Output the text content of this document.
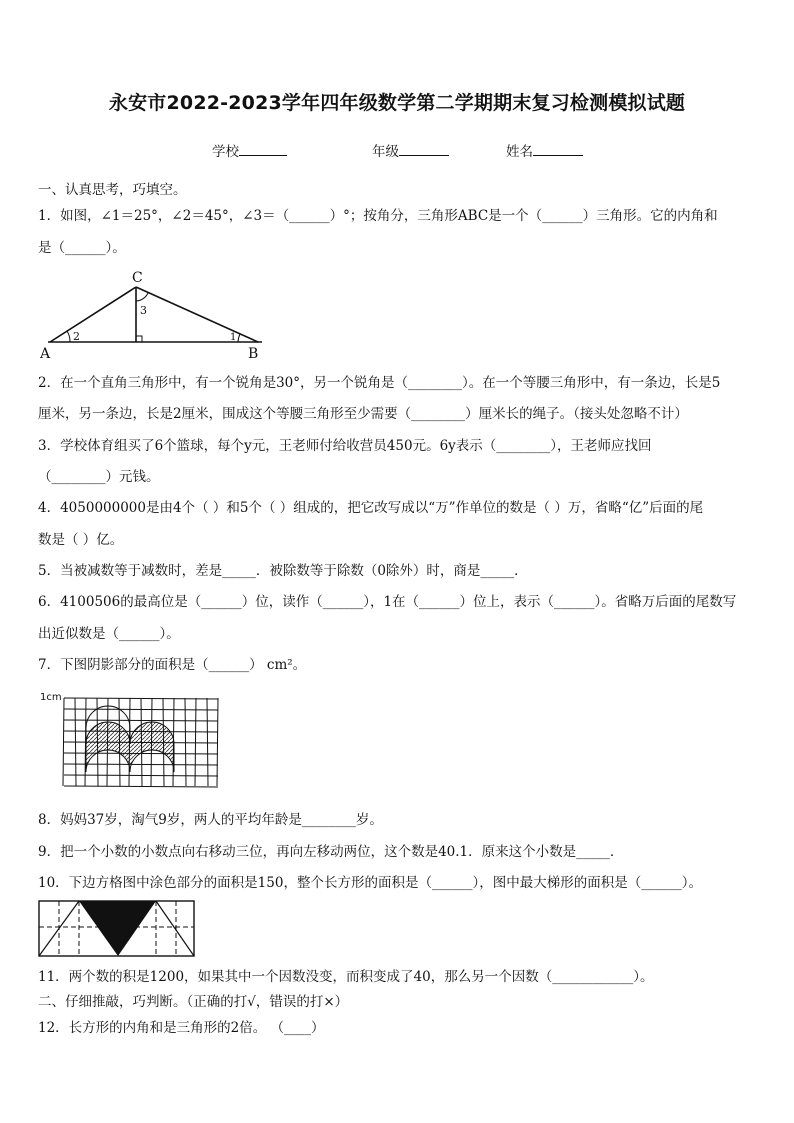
永安市2022-2023学年四年级数学第二学期期末复习检测模拟试题
学校	年级	姓名
一、认真思考，巧填空。
1．如图，∠1＝25°，∠2＝45°，∠3＝（______）°；按角分，三角形ABC是一个（______）三角形。它的内角和
是（______）。
C
A	B
3
2	1
2．在一个直角三角形中，有一个锐角是30°，另一个锐角是（________）。在一个等腰三角形中，有一条边，长是5
厘米，另一条边，长是2厘米，围成这个等腰三角形至少需要（________）厘米长的绳子。（接头处忽略不计）
3．学校体育组买了6个篮球，每个y元，王老师付给收营员450元。6y表示（________），王老师应找回
（________）元钱。
4．4050000000是由4个（ ）和5个（ ）组成的，把它改写成以“万”作单位的数是（ ）万，省略“亿”后面的尾
数是（ ）亿。
5．当被减数等于减数时，差是_____．被除数等于除数（0除外）时，商是_____．
6．4100506的最高位是（______）位，读作（______），1在（______）位上，表示（______）。省略万后面的尾数写
出近似数是（______）。
7．下图阴影部分的面积是（______） cm²。
1cm
8．妈妈37岁，淘气9岁，两人的平均年龄是________岁。
9．把一个小数的小数点向右移动三位，再向左移动两位，这个数是40.1．原来这个小数是_____．
10．下边方格图中涂色部分的面积是150，整个长方形的面积是（______），图中最大梯形的面积是（______）。
11．两个数的积是1200，如果其中一个因数没变，而积变成了40，那么另一个因数（____________）。
二、仔细推敲，巧判断。（正确的打√，错误的打×）
12．长方形的内角和是三角形的2倍。 （____）
